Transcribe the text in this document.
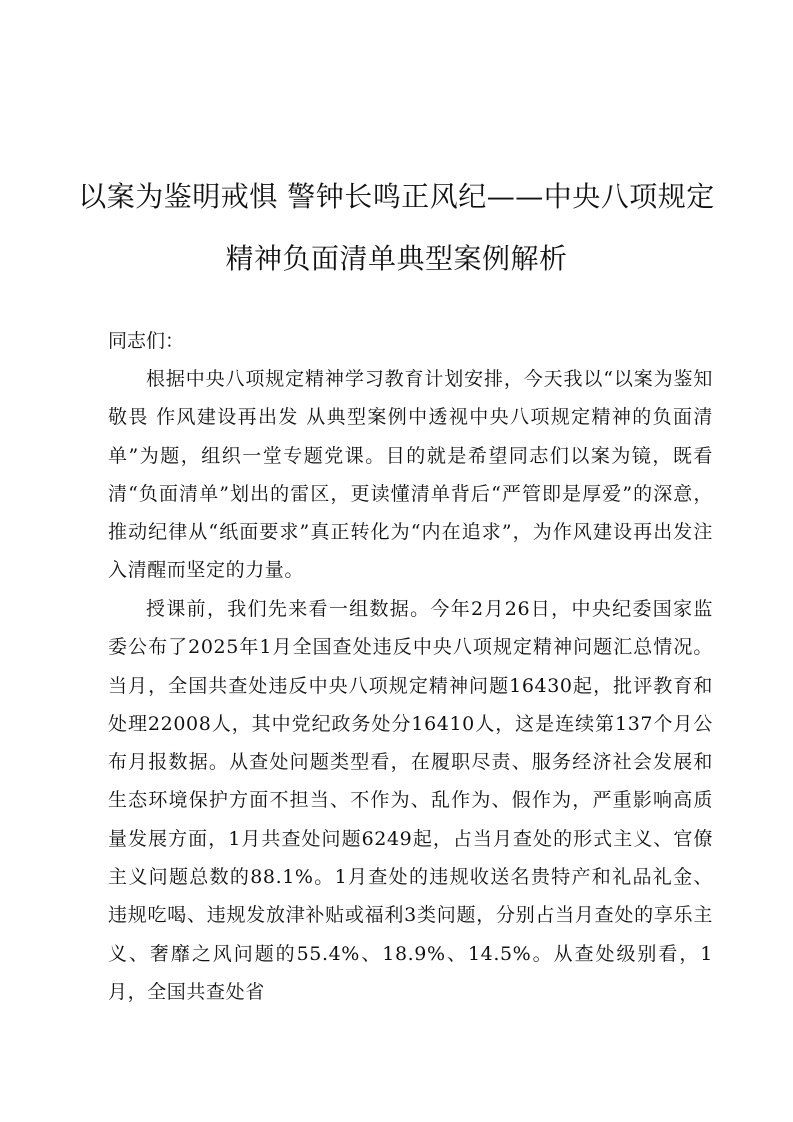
以案为鉴明戒惧 警钟长鸣正风纪——中央八项规定精神负面清单典型案例解析

同志们：

根据中央八项规定精神学习教育计划安排，今天我以“以案为鉴知敬畏 作风建设再出发 从典型案例中透视中央八项规定精神的负面清单”为题，组织一堂专题党课。目的就是希望同志们以案为镜，既看清“负面清单”划出的雷区，更读懂清单背后“严管即是厚爱”的深意，推动纪律从“纸面要求”真正转化为“内在追求”，为作风建设再出发注入清醒而坚定的力量。

授课前，我们先来看一组数据。今年2月26日，中央纪委国家监委公布了2025年1月全国查处违反中央八项规定精神问题汇总情况。当月，全国共查处违反中央八项规定精神问题16430起，批评教育和处理22008人，其中党纪政务处分16410人，这是连续第137个月公布月报数据。从查处问题类型看，在履职尽责、服务经济社会发展和生态环境保护方面不担当、不作为、乱作为、假作为，严重影响高质量发展方面，1月共查处问题6249起，占当月查处的形式主义、官僚主义问题总数的88.1%。1月查处的违规收送名贵特产和礼品礼金、违规吃喝、违规发放津补贴或福利3类问题，分别占当月查处的享乐主义、奢靡之风问题的55.4%、18.9%、14.5%。从查处级别看，1月，全国共查处省
